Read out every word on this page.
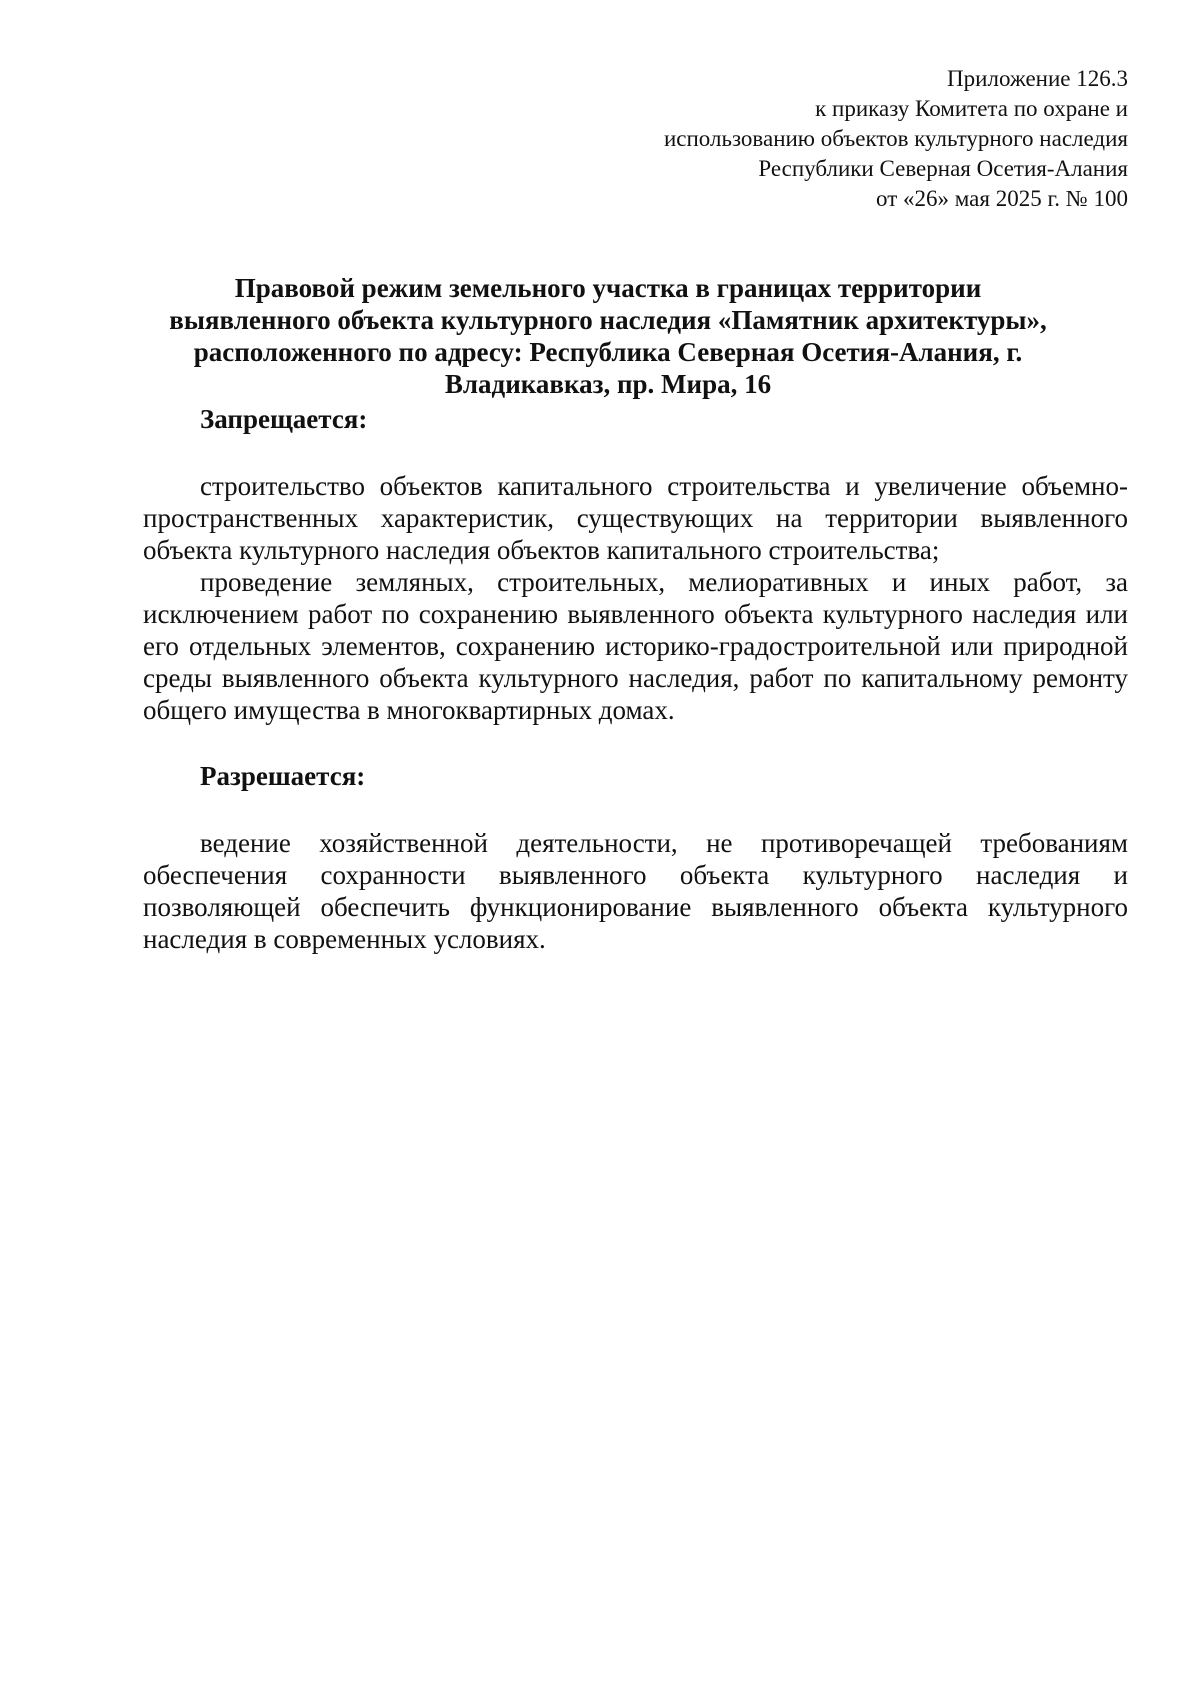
Приложение 126.3
к приказу Комитета по охране и
использованию объектов культурного наследия
Республики Северная Осетия-Алания
от «26» мая 2025 г. № 100
Правовой режим земельного участка в границах территории
выявленного объекта культурного наследия «Памятник архитектуры»,
расположенного по адресу: Республика Северная Осетия-Алания, г.
Владикавказ, пр. Мира, 16
Запрещается:

строительство объектов капитального строительства и увеличение объемно-пространственных характеристик, существующих на территории выявленного объекта культурного наследия объектов капитального строительства;

проведение земляных, строительных, мелиоративных и иных работ, за исключением работ по сохранению выявленного объекта культурного наследия или его отдельных элементов, сохранению историко-градостроительной или природной среды выявленного объекта культурного наследия, работ по капитальному ремонту общего имущества в многоквартирных домах.

Разрешается:

ведение хозяйственной деятельности, не противоречащей требованиям обеспечения сохранности выявленного объекта культурного наследия и позволяющей обеспечить функционирование выявленного объекта культурного наследия в современных условиях.
